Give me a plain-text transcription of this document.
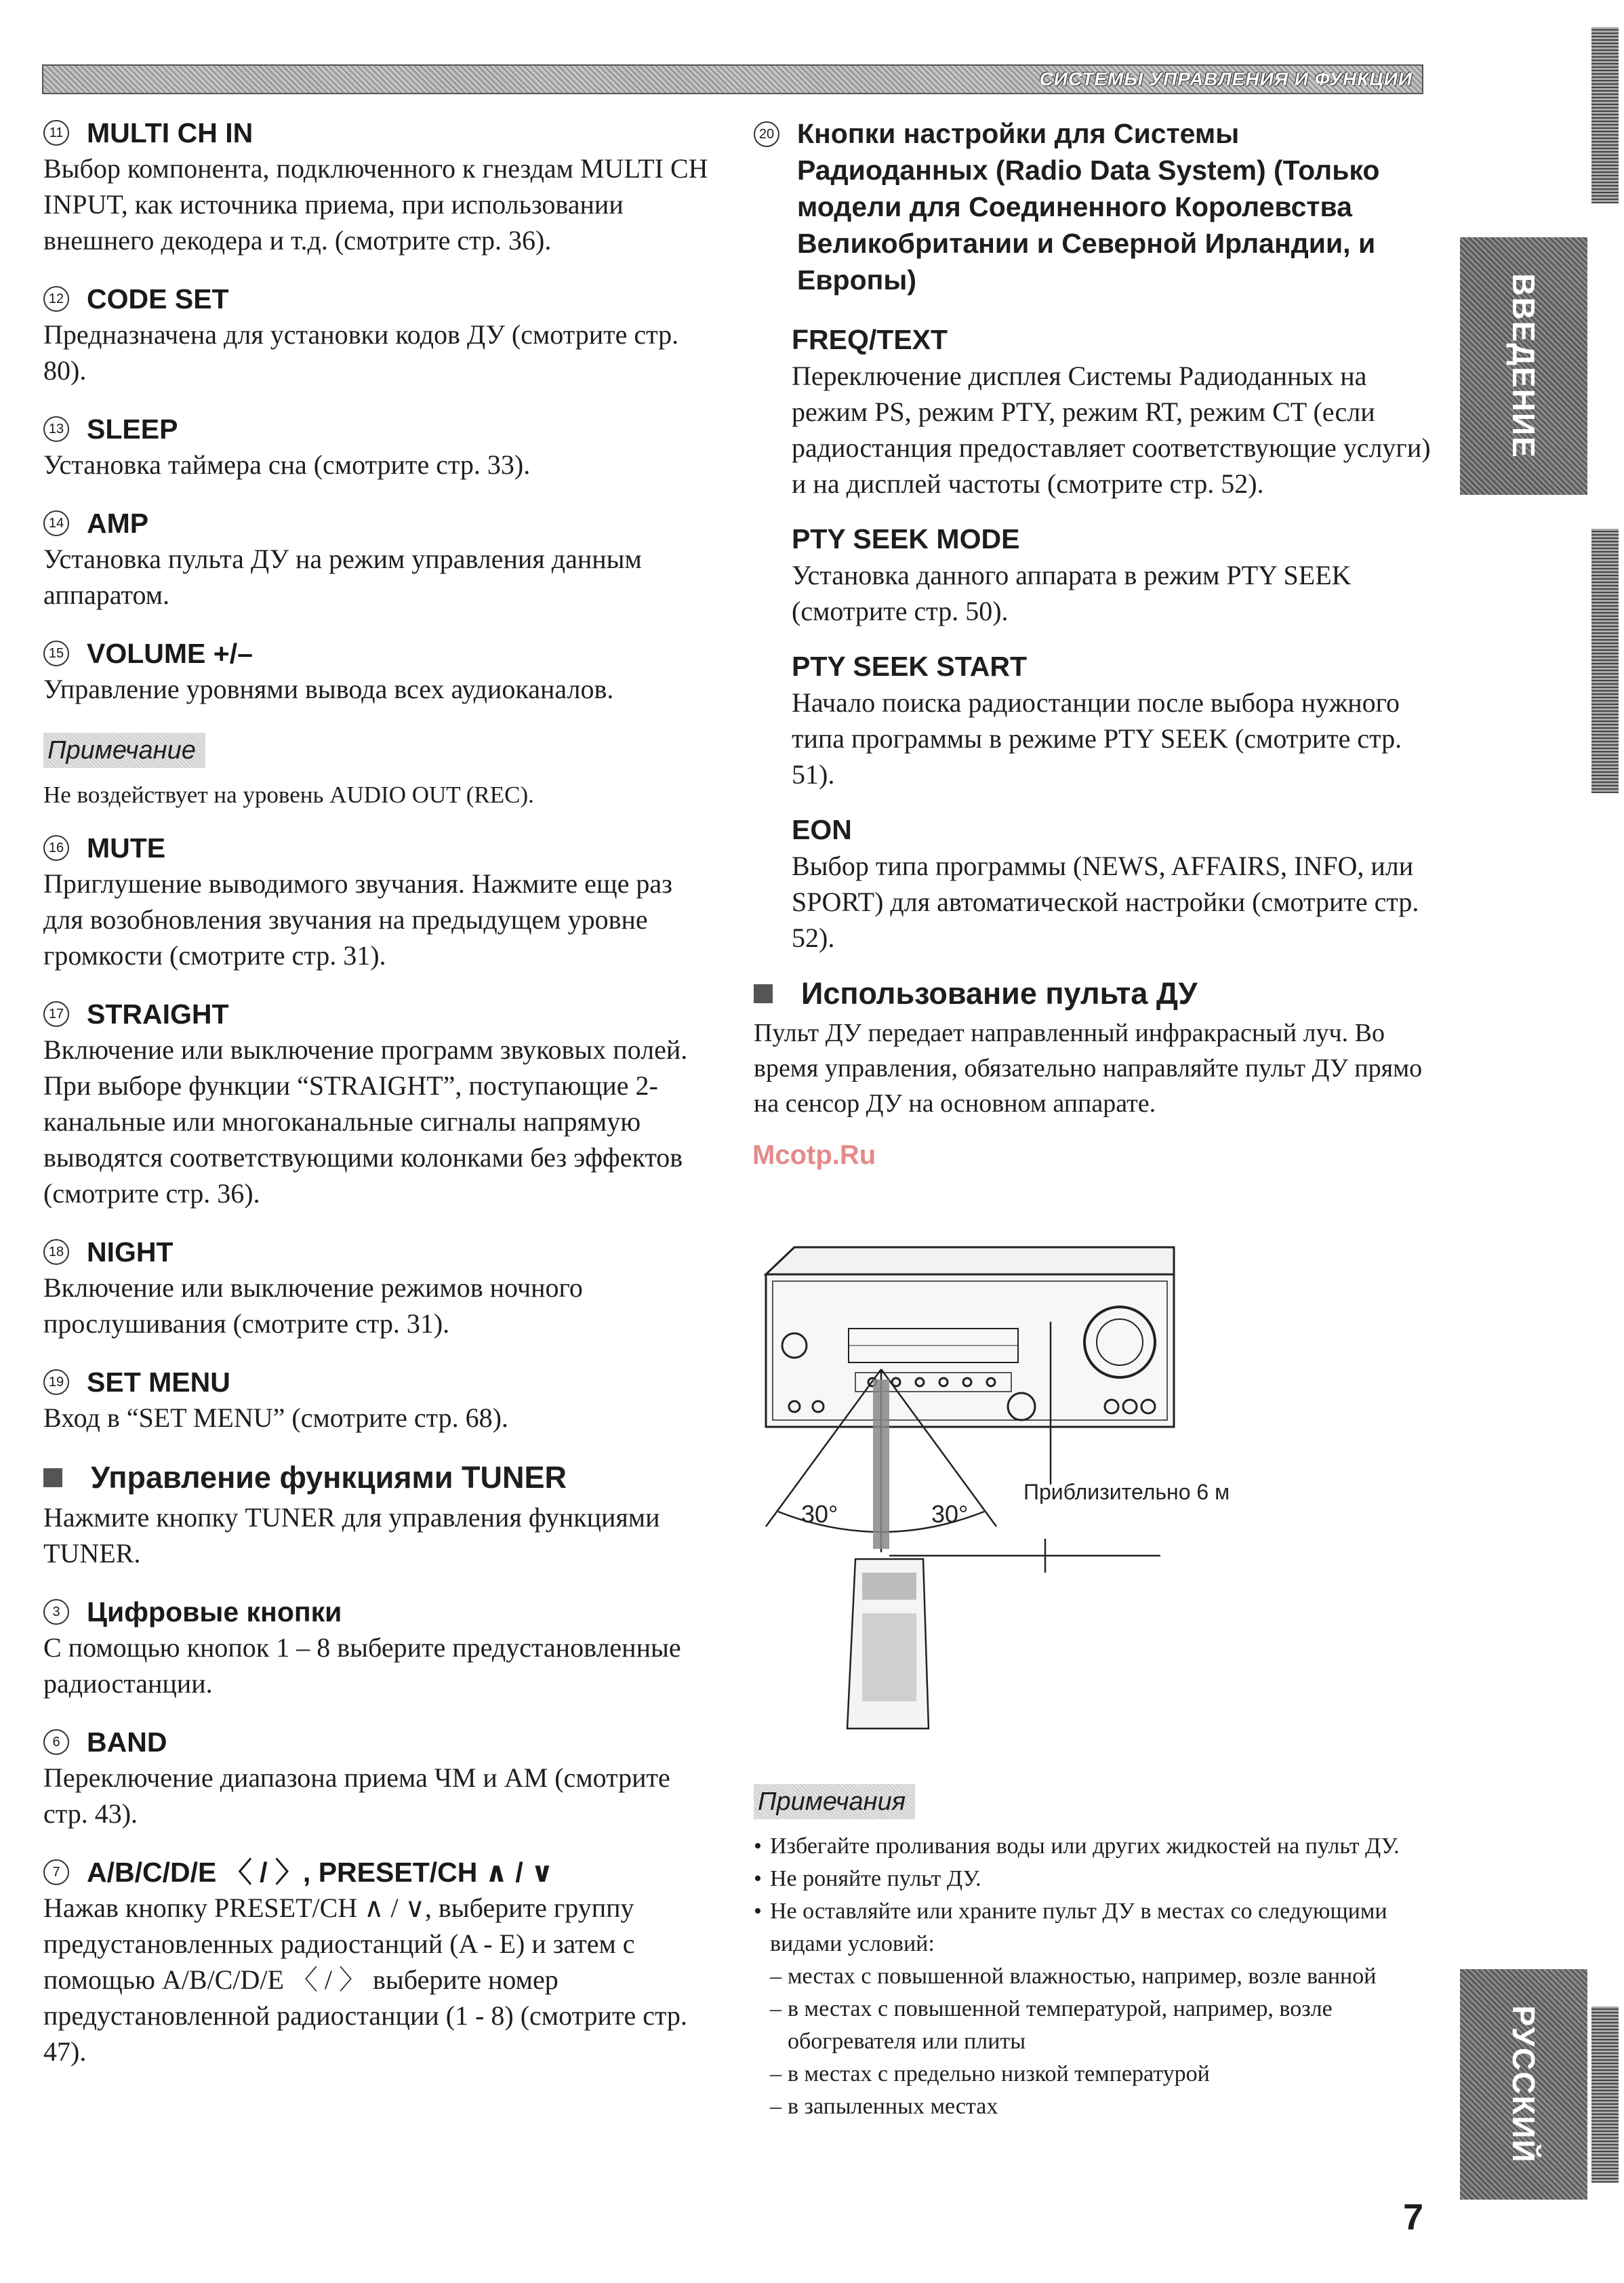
СИСТЕМЫ УПРАВЛЕНИЯ И ФУНКЦИИ
11 MULTI CH IN
Выбор компонента, подключенного к гнездам MULTI CH INPUT, как источника приема, при использовании внешнего декодера и т.д. (смотрите стр. 36).
12 CODE SET
Предназначена для установки кодов ДУ (смотрите стр. 80).
13 SLEEP
Установка таймера сна (смотрите стр. 33).
14 AMP
Установка пульта ДУ на режим управления данным аппаратом.
15 VOLUME +/–
Управление уровнями вывода всех аудиоканалов.
Примечание
Не воздействует на уровень AUDIO OUT (REC).
16 MUTE
Приглушение выводимого звучания. Нажмите еще раз для возобновления звучания на предыдущем уровне громкости (смотрите стр. 31).
17 STRAIGHT
Включение или выключение программ звуковых полей. При выборе функции “STRAIGHT”, поступающие 2-канальные или многоканальные сигналы напрямую выводятся соответствующими колонками без эффектов (смотрите стр. 36).
18 NIGHT
Включение или выключение режимов ночного прослушивания (смотрите стр. 31).
19 SET MENU
Вход в “SET MENU” (смотрите стр. 68).
Управление функциями TUNER
Нажмите кнопку TUNER для управления функциями TUNER.
3 Цифровые кнопки
С помощью кнопок 1 – 8 выберите предустановленные радиостанции.
6 BAND
Переключение диапазона приема ЧМ и АМ (смотрите стр. 43).
7 A/B/C/D/E 〈 / 〉, PRESET/CH ∧ / ∨
Нажав кнопку PRESET/CH ∧ / ∨, выберите группу предустановленных радиостанций (A - E) и затем с помощью A/B/C/D/E 〈 / 〉 выберите номер предустановленной радиостанции (1 - 8) (смотрите стр. 47).
20 Кнопки настройки для Системы Радиоданных (Radio Data System) (Только модели для Соединенного Королевства Великобритании и Северной Ирландии, и Европы)
FREQ/TEXT
Переключение дисплея Системы Радиоданных на режим PS, режим PTY, режим RT, режим CT (если радиостанция предоставляет соответствующие услуги) и на дисплей частоты (смотрите стр. 52).
PTY SEEK MODE
Установка данного аппарата в режим PTY SEEK (смотрите стр. 50).
PTY SEEK START
Начало поиска радиостанции после выбора нужного типа программы в режиме PTY SEEK (смотрите стр. 51).
EON
Выбор типа программы (NEWS, AFFAIRS, INFO, или SPORT) для автоматической настройки (смотрите стр. 52).
Использование пульта ДУ
Пульт ДУ передает направленный инфракрасный луч. Во время управления, обязательно направляйте пульт ДУ прямо на сенсор ДУ на основном аппарате.
30°	30°
Приблизительно 6 м
Примечания
• Избегайте проливания воды или других жидкостей на пульт ДУ.
• Не роняйте пульт ДУ.
• Не оставляйте или храните пульт ДУ в местах со следующими видами условий:
– местах с повышенной влажностью, например, возле ванной
– в местах с повышенной температурой, например, возле обогревателя или плиты
– в местах с предельно низкой температурой
– в запыленных местах
ВВЕДЕНИЕ
РУССКИЙ
Mcotp.Ru
7
